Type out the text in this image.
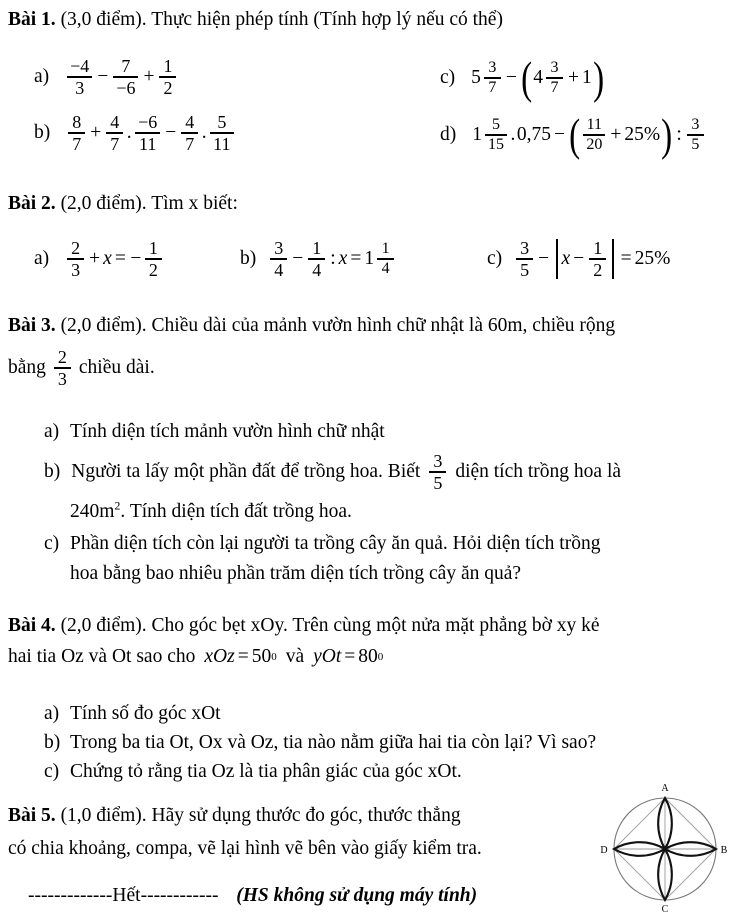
Bài 1. (3,0 điểm). Thực hiện phép tính (Tính hợp lý nếu có thể)
$a) \frac{-4}{3} - \frac{7}{-6} + \frac{1}{2}$
$b) \frac{8}{7} + \frac{4}{7}$ . $\frac{-6}{11} - \frac{4}{7}$ . $\frac{5}{11}$
c) $5 \frac{3}{7}$ − ( $4 \frac{3}{7} + 1$ )
d) $1 \frac{5}{15}$ . 0,75 − ( $\frac{11}{20} + 25\%$ ) : $\frac{3}{5}$
Bài 2. (2,0 điểm). Tìm x biết:
$a) \frac{2}{3} + x$ = − $\frac{1}{2}$	$b) \frac{3}{4} - \frac{1}{4}$ : $x = 1 \frac{1}{4}$	$c) \frac{3}{5} - x - \frac{1}{2} = 25\%$
Bài 3. (2,0 điểm). Chiều dài của mảnh vườn hình chữ nhật là 60m, chiều rộng
bằng $\frac{2}{3}$ chiều dài.
a) Tính diện tích mảnh vườn hình chữ nhật
b) Người ta lấy một phần đất để trồng hoa. Biết $\frac{3}{5}$ diện tích trồng hoa là
$240m^2$. Tính diện tích đất trồng hoa.
c) Phần diện tích còn lại người ta trồng cây ăn quả. Hỏi diện tích trồng
hoa bằng bao nhiêu phần trăm diện tích trồng cây ăn quả?
Bài 4. (2,0 điểm). Cho góc bẹt xOy. Trên cùng một nửa mặt phẳng bờ xy kẻ
hai tia Oz và Ot sao cho xOz = 50 0 và yOt = 80 0
a) Tính số đo góc xOt
b) Trong ba tia Ot, Ox và Oz, tia nào nằm giữa hai tia còn lại? Vì sao?
c) Chứng tỏ rằng tia Oz là tia phân giác của góc xOt.
Bài 5. (1,0 điểm). Hãy sử dụng thước đo góc, thước thẳng
có chia khoảng, compa, vẽ lại hình vẽ bên vào giấy kiểm tra.
-------------Hết------------ (HS không sử dụng máy tính)
A
B
C
D
